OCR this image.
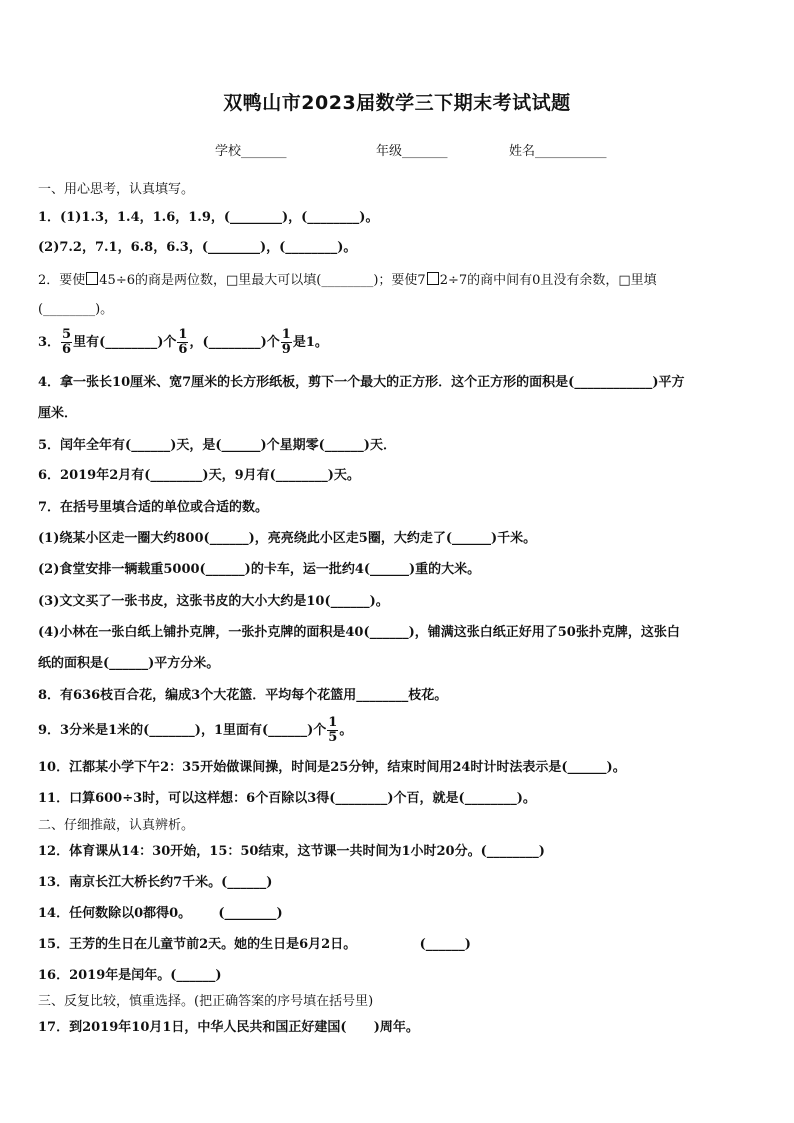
双鸭山市2023届数学三下期末考试试题
学校_______	年级_______	姓名___________
一、用心思考，认真填写。
1．(1)1.3，1.4，1.6，1.9，(________)，(________)。
(2)7.2，7.1，6.8，6.3，(________)，(________)。
2．要使 45÷6的商是两位数，□里最大可以填(________)；要使7 2÷7的商中间有0且没有余数，□里填
(________)。
3． $\frac{5}{6}$ 里有(________)个 $\frac{1}{6}$ ，(________)个 $\frac{1}{9}$ 是1。
4．拿一张长10厘米、宽7厘米的长方形纸板，剪下一个最大的正方形．这个正方形的面积是(____________)平方
厘米．
5．闰年全年有(______)天，是(______)个星期零(______)天．
6．2019年2月有(________)天，9月有(________)天。
7．在括号里填合适的单位或合适的数。
(1)绕某小区走一圈大约800(______)，亮亮绕此小区走5圈，大约走了(______)千米。
(2)食堂安排一辆载重5000(______)的卡车，运一批约4(______)重的大米。
(3)文文买了一张书皮，这张书皮的大小大约是10(______)。
(4)小林在一张白纸上铺扑克牌，一张扑克牌的面积是40(______)，铺满这张白纸正好用了50张扑克牌，这张白
纸的面积是(______)平方分米。
8．有636枝百合花，编成3个大花篮．平均每个花篮用________枝花。
9．3分米是1米的(_______)，1里面有(______)个 $\frac{1}{5}$ 。
10．江都某小学下午2：35开始做课间操，时间是25分钟，结束时间用24时计时法表示是(______)。
11．口算600÷3时，可以这样想：6个百除以3得(________)个百，就是(________)。
二、仔细推敲，认真辨析。
12．体育课从14：30开始，15：50结束，这节课一共时间为1小时20分。(________)
13．南京长江大桥长约7千米。(______)
14．任何数除以0都得0。      (________)
15．王芳的生日在儿童节前2天。她的生日是6月2日。              (______)
16．2019年是闰年。(______)
三、反复比较，慎重选择。(把正确答案的序号填在括号里)
17．到2019年10月1日，中华人民共和国正好建国(      )周年。
